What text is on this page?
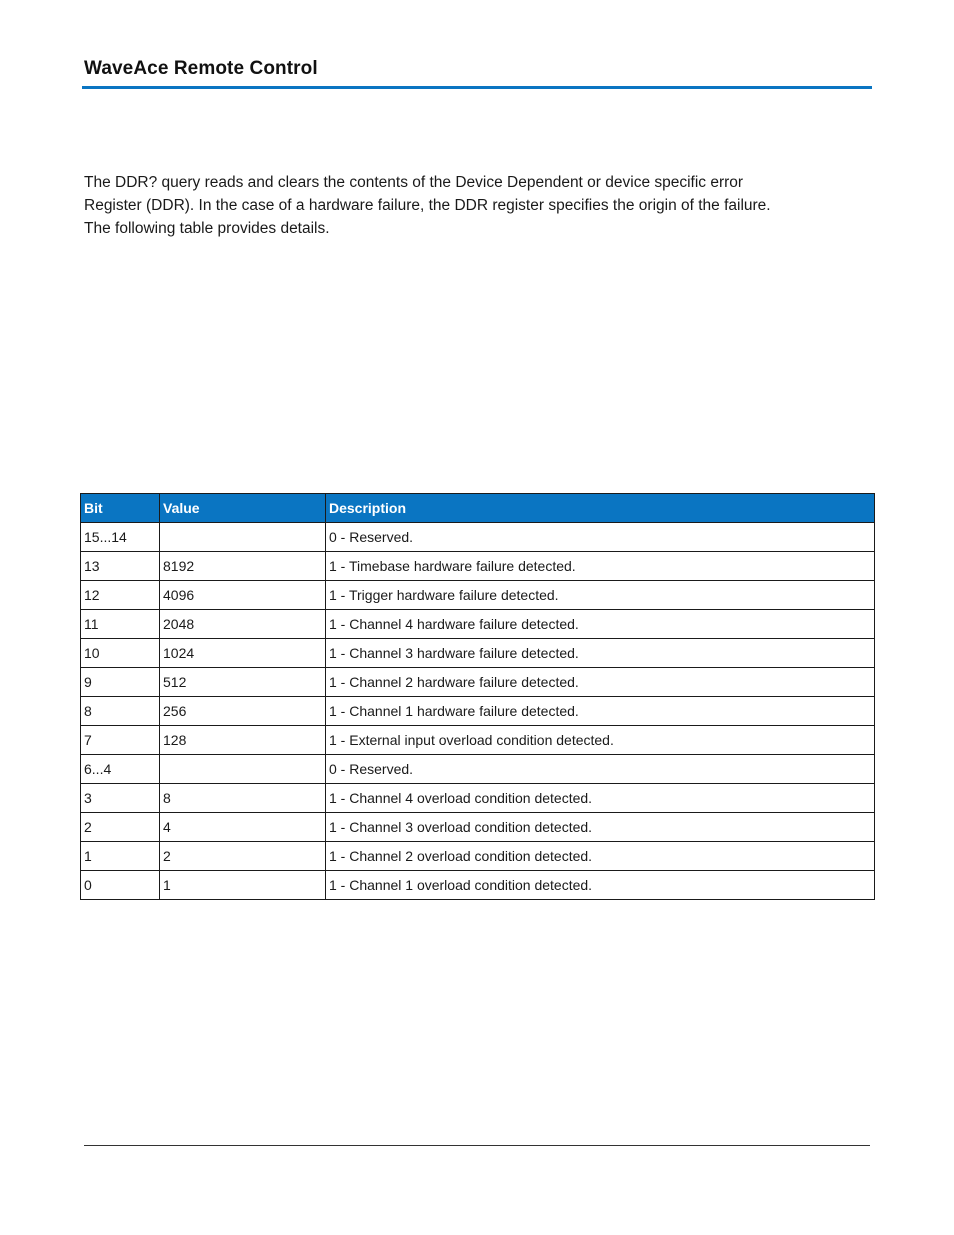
WaveAce Remote Control

The DDR? query reads and clears the contents of the Device Dependent or device specific error

Register (DDR). In the case of a hardware failure, the DDR register specifies the origin of the failure.

The following table provides details.

Bit	Value	Description
15...14		0 - Reserved.
13	8192	1 - Timebase hardware failure detected.
12	4096	1 - Trigger hardware failure detected.
11	2048	1 - Channel 4 hardware failure detected.
10	1024	1 - Channel 3 hardware failure detected.
9	512	1 - Channel 2 hardware failure detected.
8	256	1 - Channel 1 hardware failure detected.
7	128	1 - External input overload condition detected.
6...4		0 - Reserved.
3	8	1 - Channel 4 overload condition detected.
2	4	1 - Channel 3 overload condition detected.
1	2	1 - Channel 2 overload condition detected.
0	1	1 - Channel 1 overload condition detected.
